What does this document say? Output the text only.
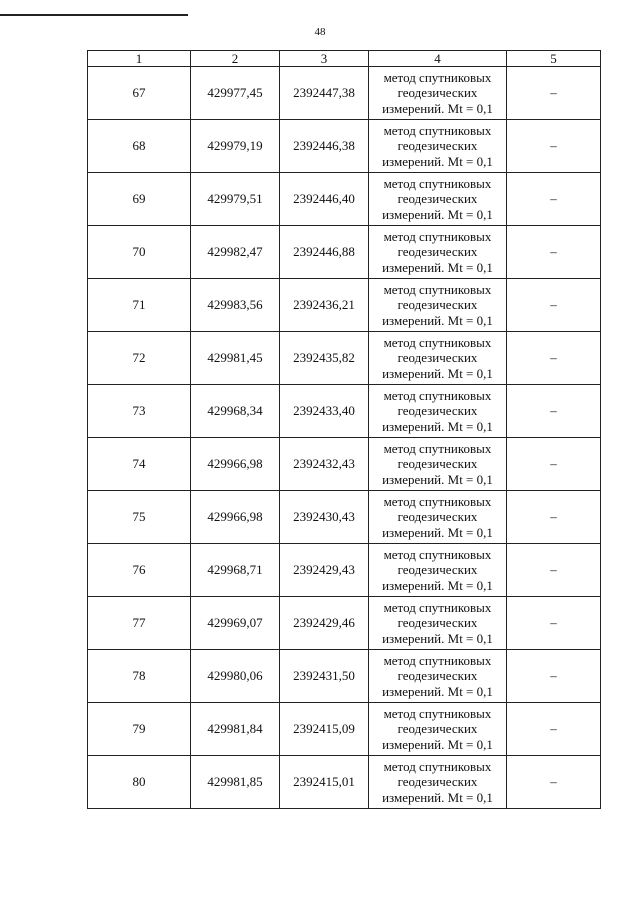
48
1	2	3	4	5
67	429977,45	2392447,38	метод спутниковых
геодезических
измерений. Mt = 0,1	–
68	429979,19	2392446,38	метод спутниковых
геодезических
измерений. Mt = 0,1	–
69	429979,51	2392446,40	метод спутниковых
геодезических
измерений. Mt = 0,1	–
70	429982,47	2392446,88	метод спутниковых
геодезических
измерений. Mt = 0,1	–
71	429983,56	2392436,21	метод спутниковых
геодезических
измерений. Mt = 0,1	–
72	429981,45	2392435,82	метод спутниковых
геодезических
измерений. Mt = 0,1	–
73	429968,34	2392433,40	метод спутниковых
геодезических
измерений. Mt = 0,1	–
74	429966,98	2392432,43	метод спутниковых
геодезических
измерений. Mt = 0,1	–
75	429966,98	2392430,43	метод спутниковых
геодезических
измерений. Mt = 0,1	–
76	429968,71	2392429,43	метод спутниковых
геодезических
измерений. Mt = 0,1	–
77	429969,07	2392429,46	метод спутниковых
геодезических
измерений. Mt = 0,1	–
78	429980,06	2392431,50	метод спутниковых
геодезических
измерений. Mt = 0,1	–
79	429981,84	2392415,09	метод спутниковых
геодезических
измерений. Mt = 0,1	–
80	429981,85	2392415,01	метод спутниковых
геодезических
измерений. Mt = 0,1	–
